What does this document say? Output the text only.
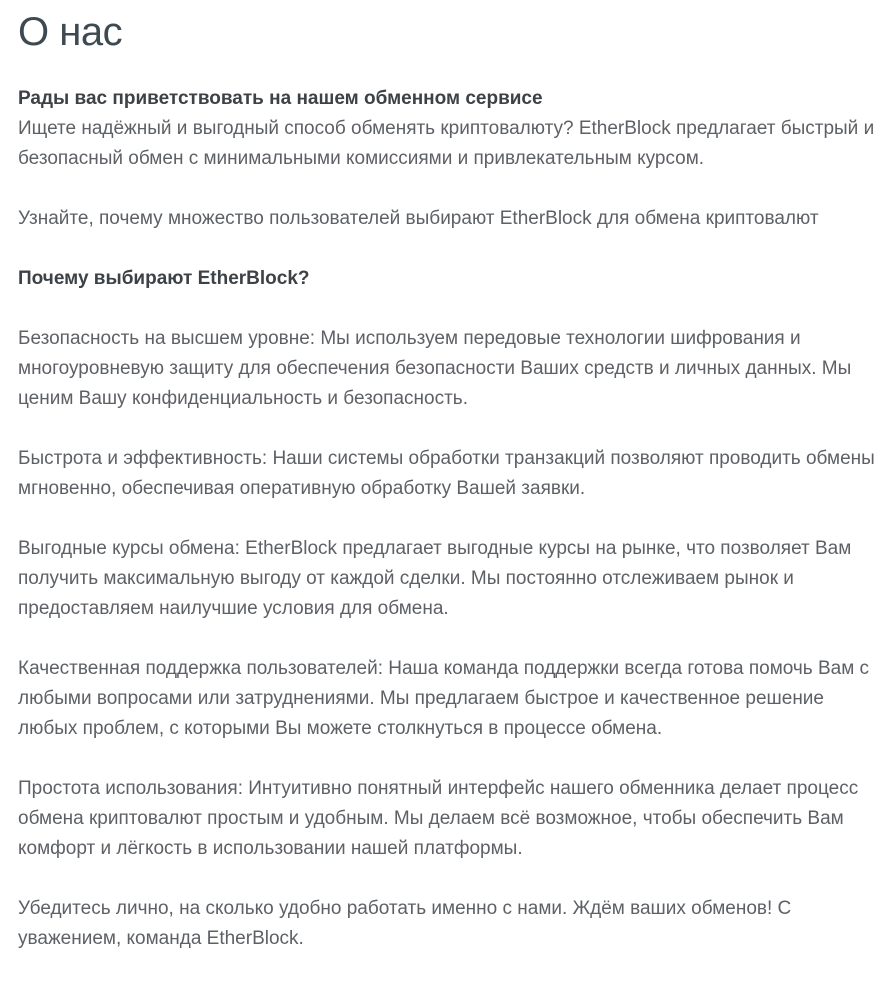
О нас

Рады вас приветствовать на нашем обменном сервисе

Ищете надёжный и выгодный способ обменять криптовалюту? EtherBlock предлагает быстрый и безопасный обмен с минимальными комиссиями и привлекательным курсом.

Узнайте, почему множество пользователей выбирают EtherBlock для обмена криптовалют

Почему выбирают EtherBlock?

Безопасность на высшем уровне: Мы используем передовые технологии шифрования и многоуровневую защиту для обеспечения безопасности Ваших средств и личных данных. Мы ценим Вашу конфиденциальность и безопасность.

Быстрота и эффективность: Наши системы обработки транзакций позволяют проводить обмены мгновенно, обеспечивая оперативную обработку Вашей заявки.

Выгодные курсы обмена: EtherBlock предлагает выгодные курсы на рынке, что позволяет Вам получить максимальную выгоду от каждой сделки. Мы постоянно отслеживаем рынок и предоставляем наилучшие условия для обмена.

Качественная поддержка пользователей: Наша команда поддержки всегда готова помочь Вам с любыми вопросами или затруднениями. Мы предлагаем быстрое и качественное решение любых проблем, с которыми Вы можете столкнуться в процессе обмена.

Простота использования: Интуитивно понятный интерфейс нашего обменника делает процесс обмена криптовалют простым и удобным. Мы делаем всё возможное, чтобы обеспечить Вам комфорт и лёгкость в использовании нашей платформы.

Убедитесь лично, на сколько удобно работать именно с нами. Ждём ваших обменов! С уважением, команда EtherBlock.
